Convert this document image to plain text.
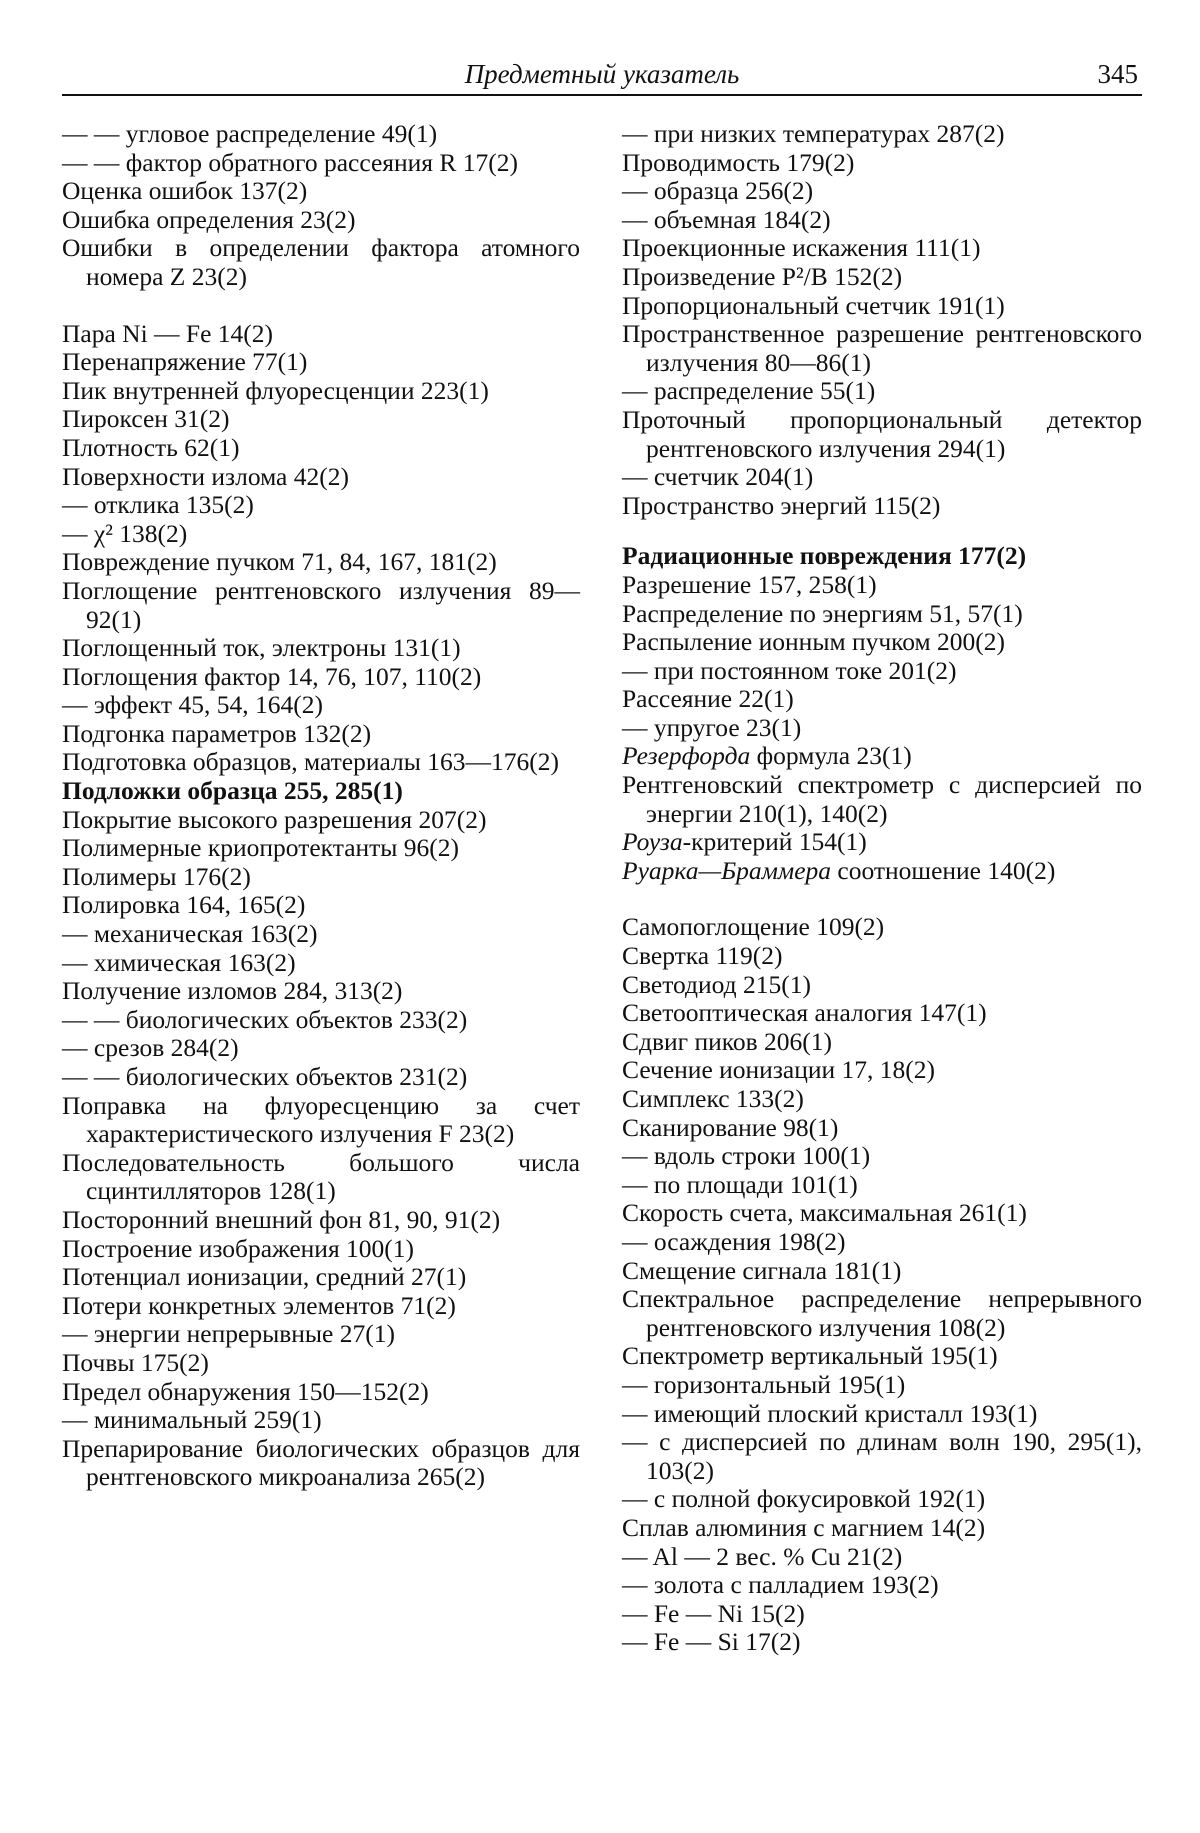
Предметный указатель	345
— — угловое распределение 49(1)
— — фактор обратного рассеяния R 17(2)
Оценка ошибок 137(2)
Ошибка определения 23(2)
Ошибки в определении фактора атомного номера Z 23(2)
Пара Ni — Fe 14(2)
Перенапряжение 77(1)
Пик внутренней флуоресценции 223(1)
Пироксен 31(2)
Плотность 62(1)
Поверхности излома 42(2)
— отклика 135(2)
— χ² 138(2)
Повреждение пучком 71, 84, 167, 181(2)
Поглощение рентгеновского излучения 89—92(1)
Поглощенный ток, электроны 131(1)
Поглощения фактор 14, 76, 107, 110(2)
— эффект 45, 54, 164(2)
Подгонка параметров 132(2)
Подготовка образцов, материалы 163—176(2)
Подложки образца 255, 285(1)
Покрытие высокого разрешения 207(2)
Полимерные криопротектанты 96(2)
Полимеры 176(2)
Полировка 164, 165(2)
— механическая 163(2)
— химическая 163(2)
Получение изломов 284, 313(2)
— — биологических объектов 233(2)
— срезов 284(2)
— — биологических объектов 231(2)
Поправка на флуоресценцию за счет характеристического излучения F 23(2)
Последовательность большого числа сцинтилляторов 128(1)
Посторонний внешний фон 81, 90, 91(2)
Построение изображения 100(1)
Потенциал ионизации, средний 27(1)
Потери конкретных элементов 71(2)
— энергии непрерывные 27(1)
Почвы 175(2)
Предел обнаружения 150—152(2)
— минимальный 259(1)
Препарирование биологических образцов для рентгеновского микроанализа 265(2)
— при низких температурах 287(2)
Проводимость 179(2)
— образца 256(2)
— объемная 184(2)
Проекционные искажения 111(1)
Произведение P²/B 152(2)
Пропорциональный счетчик 191(1)
Пространственное разрешение рентгеновского излучения 80—86(1)
— распределение 55(1)
Проточный пропорциональный детектор рентгеновского излучения 294(1)
— счетчик 204(1)
Пространство энергий 115(2)
Радиационные повреждения 177(2)
Разрешение 157, 258(1)
Распределение по энергиям 51, 57(1)
Распыление ионным пучком 200(2)
— при постоянном токе 201(2)
Рассеяние 22(1)
— упругое 23(1)
Резерфорда формула 23(1)
Рентгеновский спектрометр с дисперсией по энергии 210(1), 140(2)
Роуза-критерий 154(1)
Руарка—Браммера соотношение 140(2)
Самопоглощение 109(2)
Свертка 119(2)
Светодиод 215(1)
Светооптическая аналогия 147(1)
Сдвиг пиков 206(1)
Сечение ионизации 17, 18(2)
Симплекс 133(2)
Сканирование 98(1)
— вдоль строки 100(1)
— по площади 101(1)
Скорость счета, максимальная 261(1)
— осаждения 198(2)
Смещение сигнала 181(1)
Спектральное распределение непрерывного рентгеновского излучения 108(2)
Спектрометр вертикальный 195(1)
— горизонтальный 195(1)
— имеющий плоский кристалл 193(1)
— с дисперсией по длинам волн 190, 295(1), 103(2)
— с полной фокусировкой 192(1)
Сплав алюминия с магнием 14(2)
— Al — 2 вес. % Cu 21(2)
— золота с палладием 193(2)
— Fe — Ni 15(2)
— Fe — Si 17(2)
